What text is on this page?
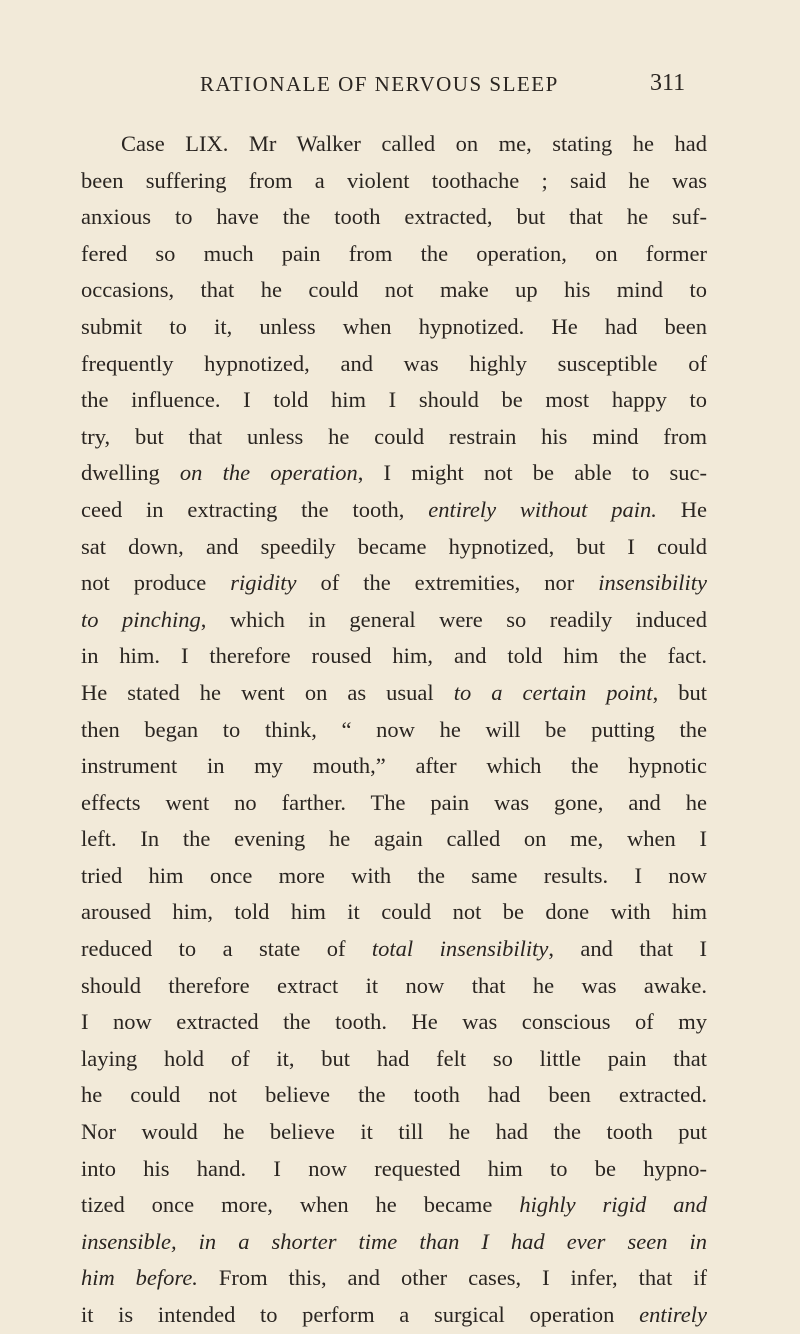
RATIONALE OF NERVOUS SLEEP	311
Case LIX. Mr Walker called on me, stating he had
been suffering from a violent toothache ; said he was
anxious to have the tooth extracted, but that he suf-
fered so much pain from the operation, on former
occasions, that he could not make up his mind to
submit to it, unless when hypnotized. He had been
frequently hypnotized, and was highly susceptible of
the influence. I told him I should be most happy to
try, but that unless he could restrain his mind from
dwelling on the operation, I might not be able to suc-
ceed in extracting the tooth, entirely without pain. He
sat down, and speedily became hypnotized, but I could
not produce rigidity of the extremities, nor insensibility
to pinching, which in general were so readily induced
in him. I therefore roused him, and told him the fact.
He stated he went on as usual to a certain point, but
then began to think, “ now he will be putting the
instrument in my mouth,” after which the hypnotic
effects went no farther. The pain was gone, and he
left. In the evening he again called on me, when I
tried him once more with the same results. I now
aroused him, told him it could not be done with him
reduced to a state of total insensibility, and that I
should therefore extract it now that he was awake.
I now extracted the tooth. He was conscious of my
laying hold of it, but had felt so little pain that
he could not believe the tooth had been extracted.
Nor would he believe it till he had the tooth put
into his hand. I now requested him to be hypno-
tized once more, when he became highly rigid and
insensible, in a shorter time than I had ever seen in
him before. From this, and other cases, I infer, that if
it is intended to perform a surgical operation entirely
